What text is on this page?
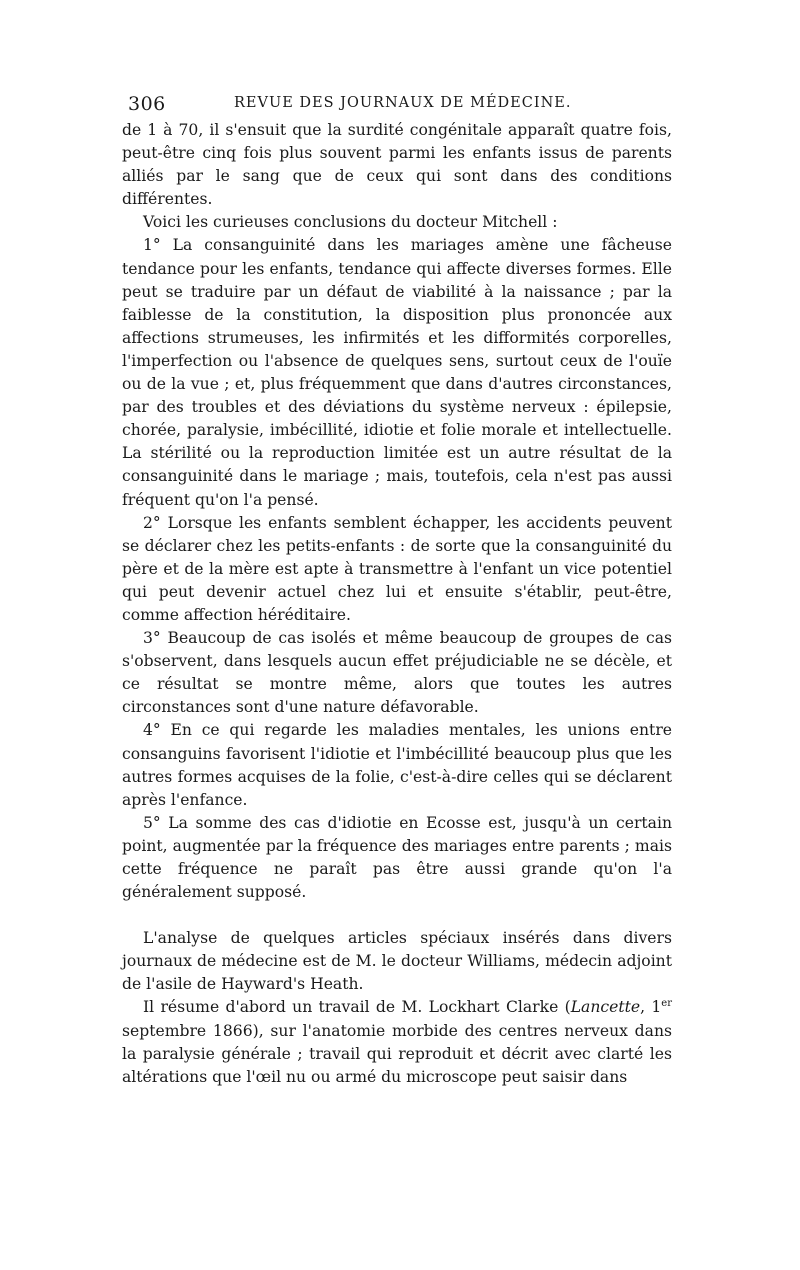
306	REVUE DES JOURNAUX DE MÉDECINE.

de 1 à 70, il s'ensuit que la surdité congénitale apparaît quatre fois, peut-être cinq fois plus souvent parmi les enfants issus de parents alliés par le sang que de ceux qui sont dans des conditions différentes.

Voici les curieuses conclusions du docteur Mitchell :

1° La consanguinité dans les mariages amène une fâcheuse tendance pour les enfants, tendance qui affecte diverses formes. Elle peut se traduire par un défaut de viabilité à la naissance ; par la faiblesse de la constitution, la disposition plus prononcée aux affections strumeuses, les infirmités et les difformités corporelles, l'imperfection ou l'absence de quelques sens, surtout ceux de l'ouïe ou de la vue ; et, plus fréquemment que dans d'autres circonstances, par des troubles et des déviations du système nerveux : épilepsie, chorée, paralysie, imbécillité, idiotie et folie morale et intellectuelle. La stérilité ou la reproduction limitée est un autre résultat de la consanguinité dans le mariage ; mais, toutefois, cela n'est pas aussi fréquent qu'on l'a pensé.

2° Lorsque les enfants semblent échapper, les accidents peuvent se déclarer chez les petits-enfants : de sorte que la consanguinité du père et de la mère est apte à transmettre à l'enfant un vice potentiel qui peut devenir actuel chez lui et ensuite s'établir, peut-être, comme affection héréditaire.

3° Beaucoup de cas isolés et même beaucoup de groupes de cas s'observent, dans lesquels aucun effet préjudiciable ne se décèle, et ce résultat se montre même, alors que toutes les autres circonstances sont d'une nature défavorable.

4° En ce qui regarde les maladies mentales, les unions entre consanguins favorisent l'idiotie et l'imbécillité beaucoup plus que les autres formes acquises de la folie, c'est-à-dire celles qui se déclarent après l'enfance.

5° La somme des cas d'idiotie en Ecosse est, jusqu'à un certain point, augmentée par la fréquence des mariages entre parents ; mais cette fréquence ne paraît pas être aussi grande qu'on l'a généralement supposé.

L'analyse de quelques articles spéciaux insérés dans divers journaux de médecine est de M. le docteur Williams, médecin adjoint de l'asile de Hayward's Heath.

Il résume d'abord un travail de M. Lockhart Clarke (Lancette, 1er septembre 1866), sur l'anatomie morbide des centres nerveux dans la paralysie générale ; travail qui reproduit et décrit avec clarté les altérations que l'œil nu ou armé du microscope peut saisir dans
